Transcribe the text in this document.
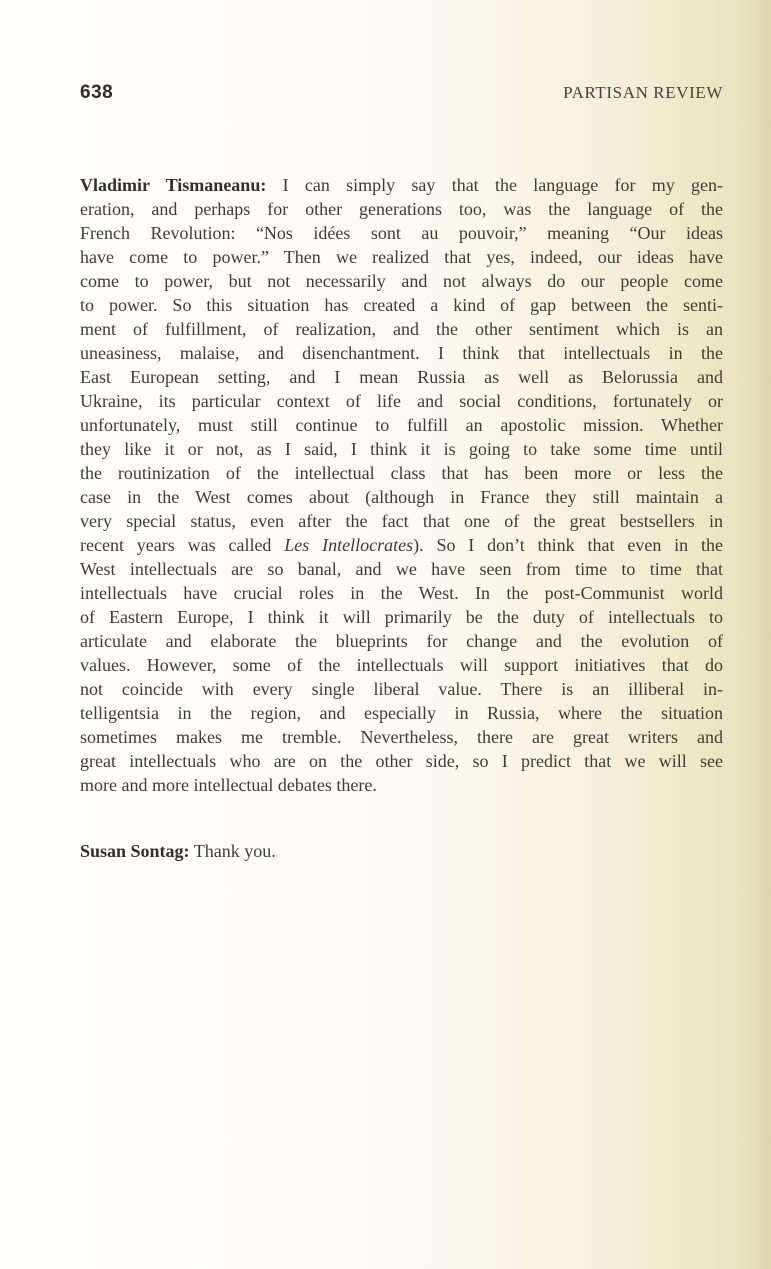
638	PARTISAN REVIEW
Vladimir Tismaneanu: I can simply say that the language for my gen-
eration, and perhaps for other generations too, was the language of the
French Revolution: “Nos idées sont au pouvoir,” meaning “Our ideas
have come to power.” Then we realized that yes, indeed, our ideas have
come to power, but not necessarily and not always do our people come
to power. So this situation has created a kind of gap between the senti-
ment of fulfillment, of realization, and the other sentiment which is an
uneasiness, malaise, and disenchantment. I think that intellectuals in the
East European setting, and I mean Russia as well as Belorussia and
Ukraine, its particular context of life and social conditions, fortunately or
unfortunately, must still continue to fulfill an apostolic mission. Whether
they like it or not, as I said, I think it is going to take some time until
the routinization of the intellectual class that has been more or less the
case in the West comes about (although in France they still maintain a
very special status, even after the fact that one of the great bestsellers in
recent years was called Les Intellocrates). So I don’t think that even in the
West intellectuals are so banal, and we have seen from time to time that
intellectuals have crucial roles in the West. In the post-Communist world
of Eastern Europe, I think it will primarily be the duty of intellectuals to
articulate and elaborate the blueprints for change and the evolution of
values. However, some of the intellectuals will support initiatives that do
not coincide with every single liberal value. There is an illiberal in-
telligentsia in the region, and especially in Russia, where the situation
sometimes makes me tremble. Nevertheless, there are great writers and
great intellectuals who are on the other side, so I predict that we will see
more and more intellectual debates there.
Susan Sontag: Thank you.
